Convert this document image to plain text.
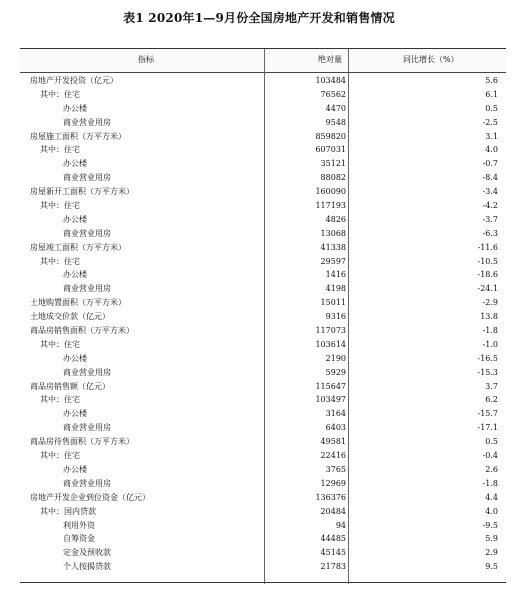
表1 2020年1—9月份全国房地产开发和销售情况
指标	绝对量	同比增长（%）
房地产开发投资（亿元）	103484	5.6
其中：住宅	76562	6.1
办公楼	4470	0.5
商业营业用房	9548	-2.5
房屋施工面积（万平方米）	859820	3.1
其中：住宅	607031	4.0
办公楼	35121	-0.7
商业营业用房	88082	-8.4
房屋新开工面积（万平方米）	160090	-3.4
其中：住宅	117193	-4.2
办公楼	4826	-3.7
商业营业用房	13068	-6.3
房屋竣工面积（万平方米）	41338	-11.6
其中：住宅	29597	-10.5
办公楼	1416	-18.6
商业营业用房	4198	-24.1
土地购置面积（万平方米）	15011	-2.9
土地成交价款（亿元）	9316	13.8
商品房销售面积（万平方米）	117073	-1.8
其中：住宅	103614	-1.0
办公楼	2190	-16.5
商业营业用房	5929	-15.3
商品房销售额（亿元）	115647	3.7
其中：住宅	103497	6.2
办公楼	3164	-15.7
商业营业用房	6403	-17.1
商品房待售面积（万平方米）	49581	0.5
其中：住宅	22416	-0.4
办公楼	3765	2.6
商业营业用房	12969	-1.8
房地产开发企业到位资金（亿元）	136376	4.4
其中：国内贷款	20484	4.0
利用外资	94	-9.5
自筹资金	44485	5.9
定金及预收款	45145	2.9
个人按揭贷款	21783	9.5
